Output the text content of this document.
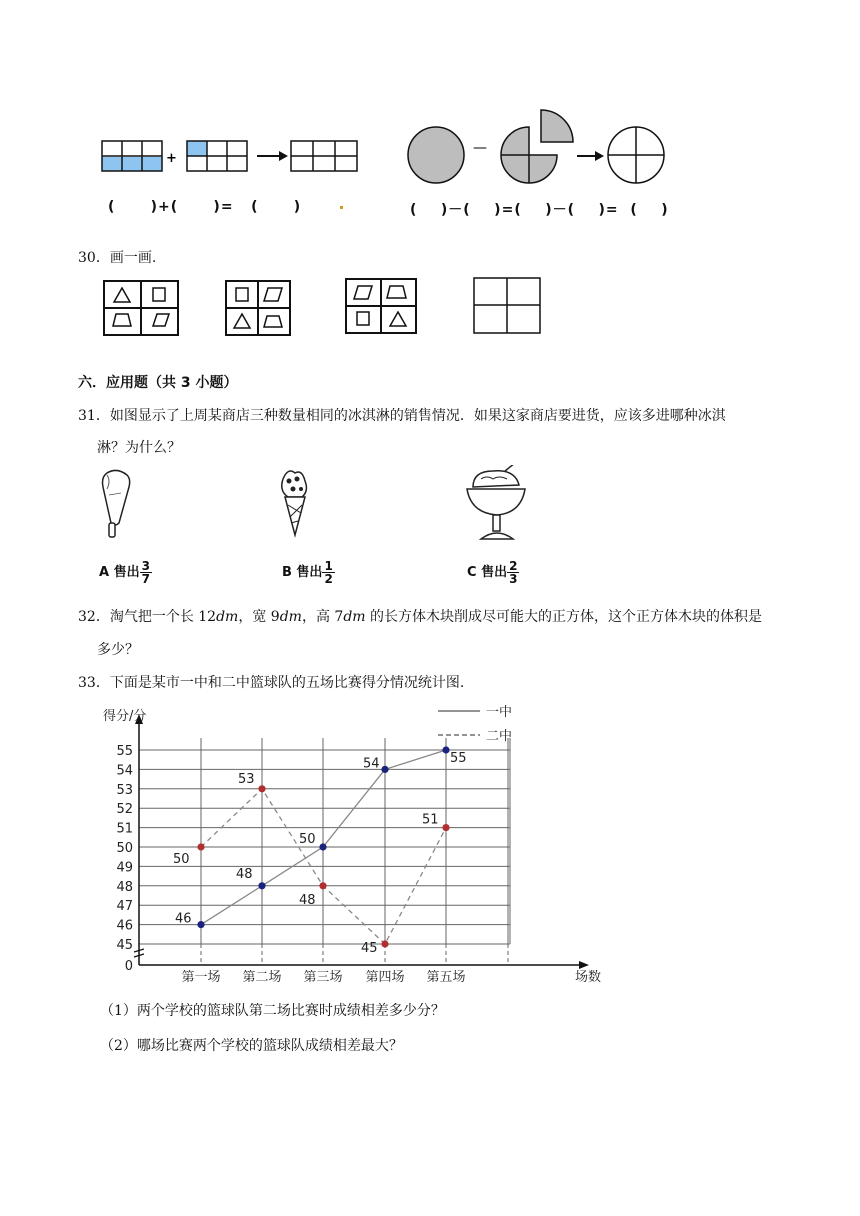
+
—
(      )+(      )=   (      )	(    )－(    )=(    )－(    )=  (    )
30．画一画.
六．应用题（共 3 小题）
31．如图显示了上周某商店三种数量相同的冰淇淋的销售情况．如果这家商店要进货，应该多进哪种冰淇
淋？为什么？
A 售出 $\frac{3}{7}$	B 售出 $\frac{1}{2}$	C 售出 $\frac{2}{3}$
32．淘气把一个长 12dm，宽 9dm，高 7dm 的长方体木块削成尽可能大的正方体，这个正方体木块的体积是
多少？
33．下面是某市一中和二中篮球队的五场比赛得分情况统计图.
0
45
46
47
48
49
50
51
52
53
54
55
第一场 第二场 第三场 第四场 第五场
得分/分
场数
一中
二中
46
48
50
54	55
50
53
48
45
51
（1）两个学校的篮球队第二场比赛时成绩相差多少分？
（2）哪场比赛两个学校的篮球队成绩相差最大？
